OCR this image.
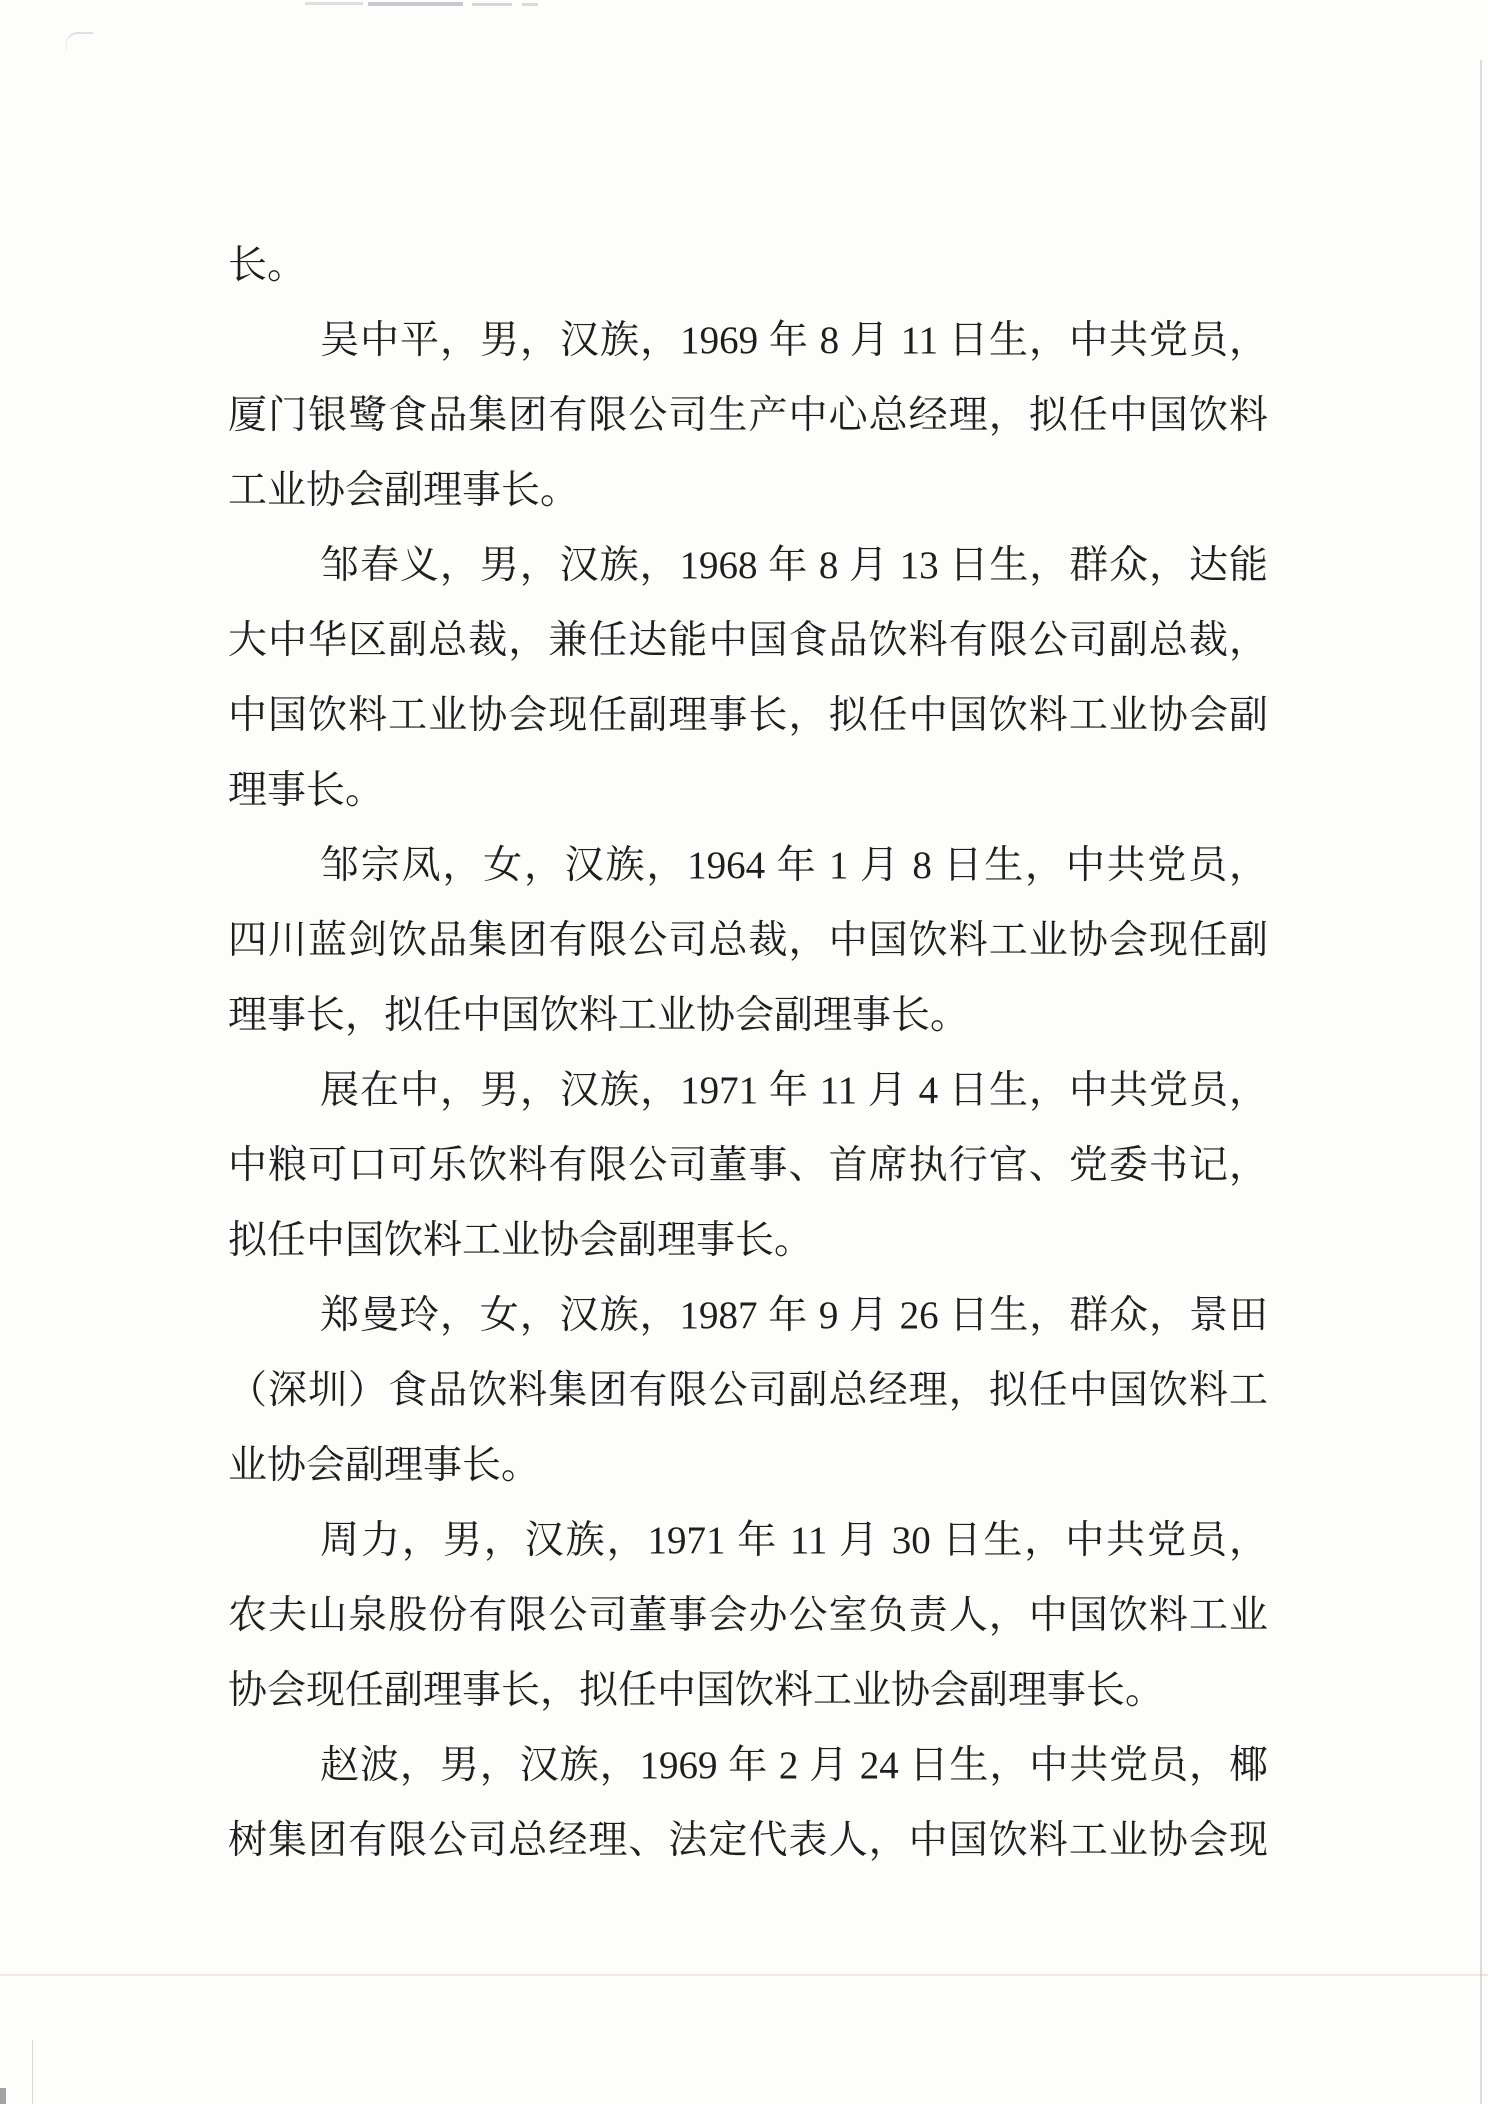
长。
吴中平，男，汉族，1969 年 8 月 11 日生，中共党员，
厦门银鹭食品集团有限公司生产中心总经理，拟任中国饮料
工业协会副理事长。
邹春义，男，汉族，1968 年 8 月 13 日生，群众，达能
大中华区副总裁，兼任达能中国食品饮料有限公司副总裁，
中国饮料工业协会现任副理事长，拟任中国饮料工业协会副
理事长。
邹宗凤，女，汉族，1964 年 1 月 8 日生，中共党员，
四川蓝剑饮品集团有限公司总裁，中国饮料工业协会现任副
理事长，拟任中国饮料工业协会副理事长。
展在中，男，汉族，1971 年 11 月 4 日生，中共党员，
中粮可口可乐饮料有限公司董事、首席执行官、党委书记，
拟任中国饮料工业协会副理事长。
郑曼玲，女，汉族，1987 年 9 月 26 日生，群众，景田
（深圳）食品饮料集团有限公司副总经理，拟任中国饮料工
业协会副理事长。
周力，男，汉族，1971 年 11 月 30 日生，中共党员，
农夫山泉股份有限公司董事会办公室负责人，中国饮料工业
协会现任副理事长，拟任中国饮料工业协会副理事长。
赵波，男，汉族，1969 年 2 月 24 日生，中共党员，椰
树集团有限公司总经理、法定代表人，中国饮料工业协会现
